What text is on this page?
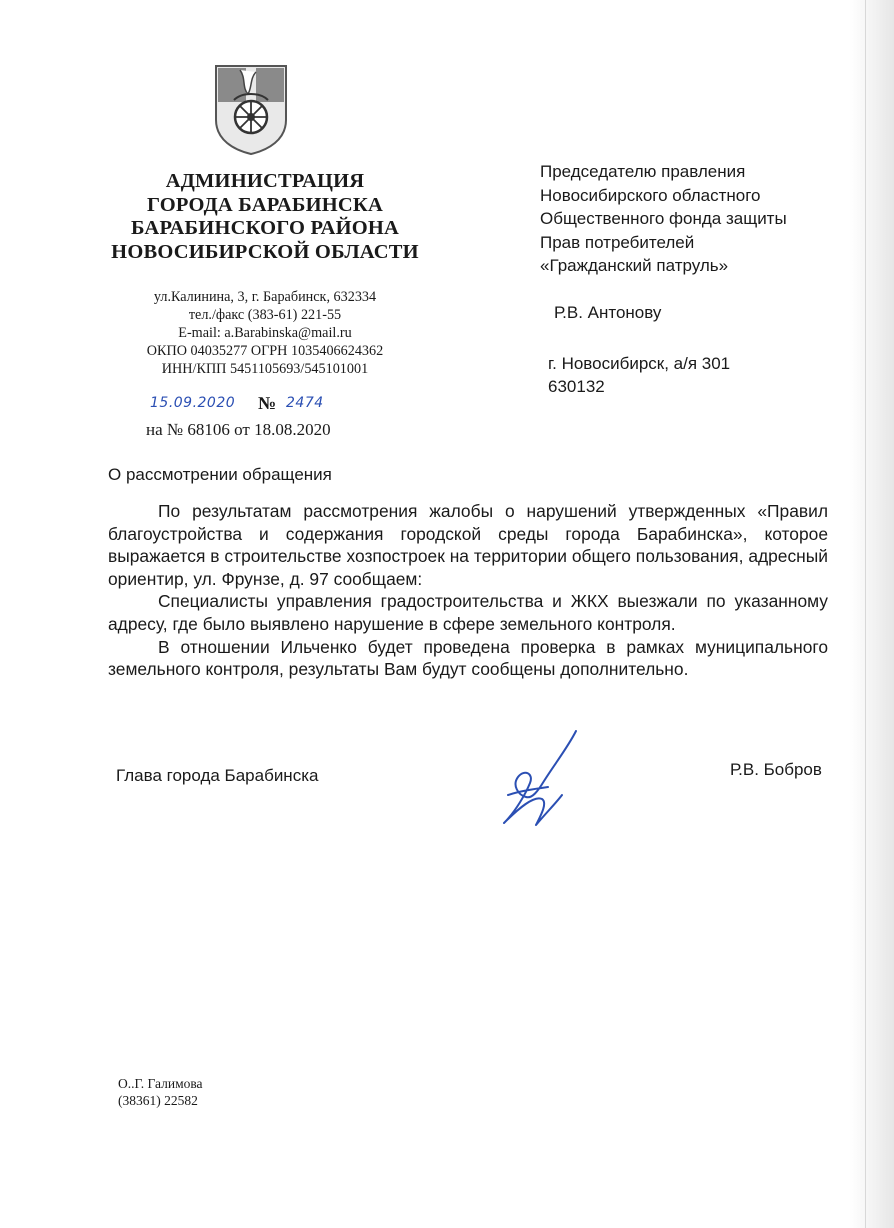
АДМИНИСТРАЦИЯ
ГОРОДА БАРАБИНСКА
БАРАБИНСКОГО РАЙОНА
НОВОСИБИРСКОЙ ОБЛАСТИ
ул.Калинина, 3, г. Барабинск, 632334
тел./факс (383-61) 221-55
E-mail: a.Barabinska@mail.ru
ОКПО 04035277 ОГРН 1035406624362
ИНН/КПП 5451105693/545101001
15.09.2020 № 2474
на № 68106 от 18.08.2020
Председателю правления
Новосибирского областного
Общественного фонда защиты
Прав потребителей
«Гражданский патруль»
Р.В. Антонову
г. Новосибирск, а/я 301
630132
О рассмотрении обращения

По результатам рассмотрения жалобы о нарушений утвержденных «Правил благоустройства и содержания городской среды города Барабинска», которое выражается в строительстве хозпостроек на территории общего пользования, адресный ориентир, ул. Фрунзе, д. 97 сообщаем:

Специалисты управления градостроительства и ЖКХ выезжали по указанному адресу, где было выявлено нарушение в сфере земельного контроля.

В отношении Ильченко будет проведена проверка в рамках муниципального земельного контроля, результаты Вам будут сообщены дополнительно.

Глава города Барабинска	Р.В. Бобров
О..Г. Галимова
(38361) 22582
